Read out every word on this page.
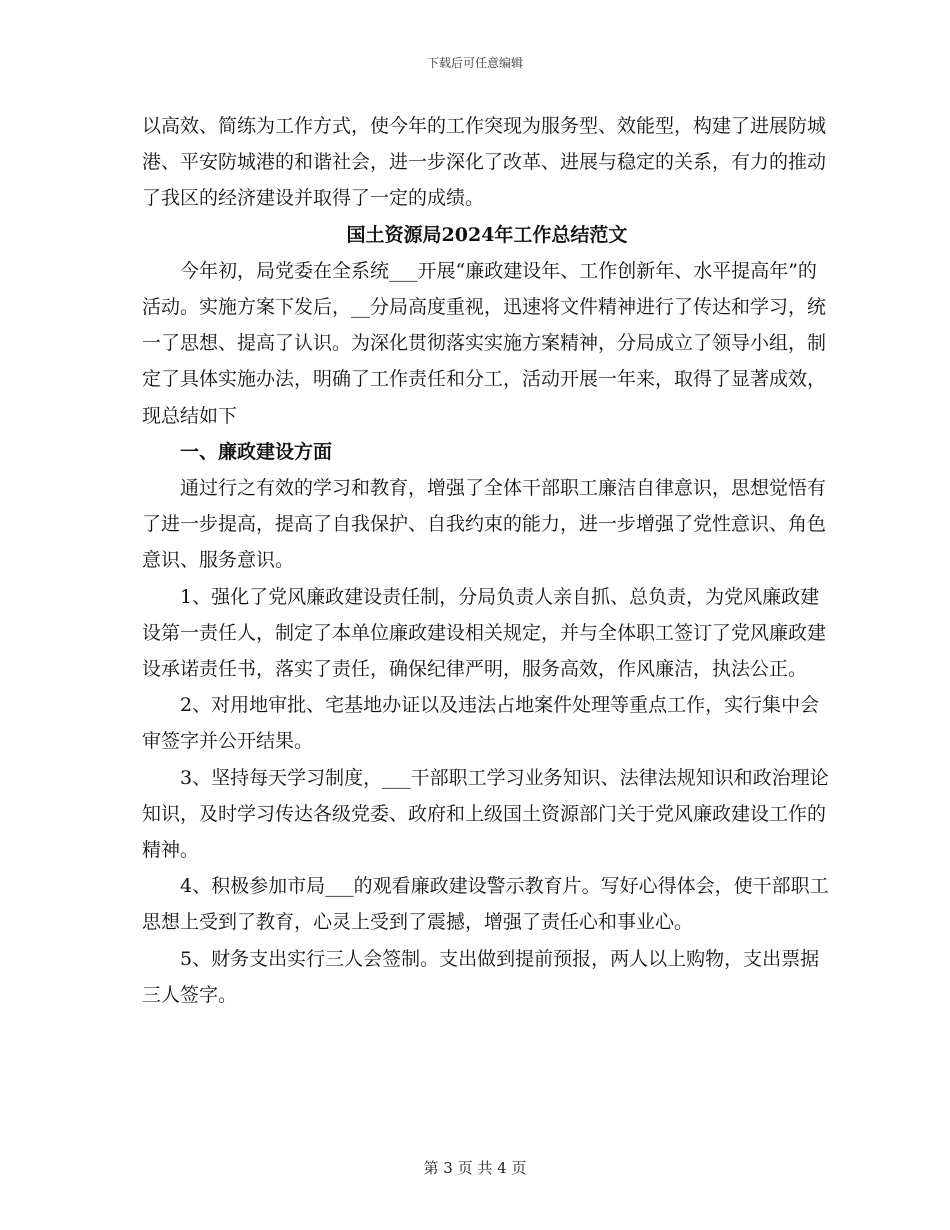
下载后可任意编辑

以高效、简练为工作方式，使今年的工作突现为服务型、效能型，构建了进展防城港、平安防城港的和谐社会，进一步深化了改革、进展与稳定的关系，有力的推动了我区的经济建设并取得了一定的成绩。

国土资源局2024年工作总结范文

今年初，局党委在全系统___开展“廉政建设年、工作创新年、水平提高年”的活动。实施方案下发后，__分局高度重视，迅速将文件精神进行了传达和学习，统一了思想、提高了认识。为深化贯彻落实实施方案精神，分局成立了领导小组，制定了具体实施办法，明确了工作责任和分工，活动开展一年来，取得了显著成效，现总结如下

一、廉政建设方面

通过行之有效的学习和教育，增强了全体干部职工廉洁自律意识，思想觉悟有了进一步提高，提高了自我保护、自我约束的能力，进一步增强了党性意识、角色意识、服务意识。

1、强化了党风廉政建设责任制，分局负责人亲自抓、总负责，为党风廉政建设第一责任人，制定了本单位廉政建设相关规定，并与全体职工签订了党风廉政建设承诺责任书，落实了责任，确保纪律严明，服务高效，作风廉洁，执法公正。

2、对用地审批、宅基地办证以及违法占地案件处理等重点工作，实行集中会审签字并公开结果。

3、坚持每天学习制度，___干部职工学习业务知识、法律法规知识和政治理论知识，及时学习传达各级党委、政府和上级国土资源部门关于党风廉政建设工作的精神。

4、积极参加市局___的观看廉政建设警示教育片。写好心得体会，使干部职工思想上受到了教育，心灵上受到了震撼，增强了责任心和事业心。

5、财务支出实行三人会签制。支出做到提前预报，两人以上购物，支出票据三人签字。

第 3 页 共 4 页
